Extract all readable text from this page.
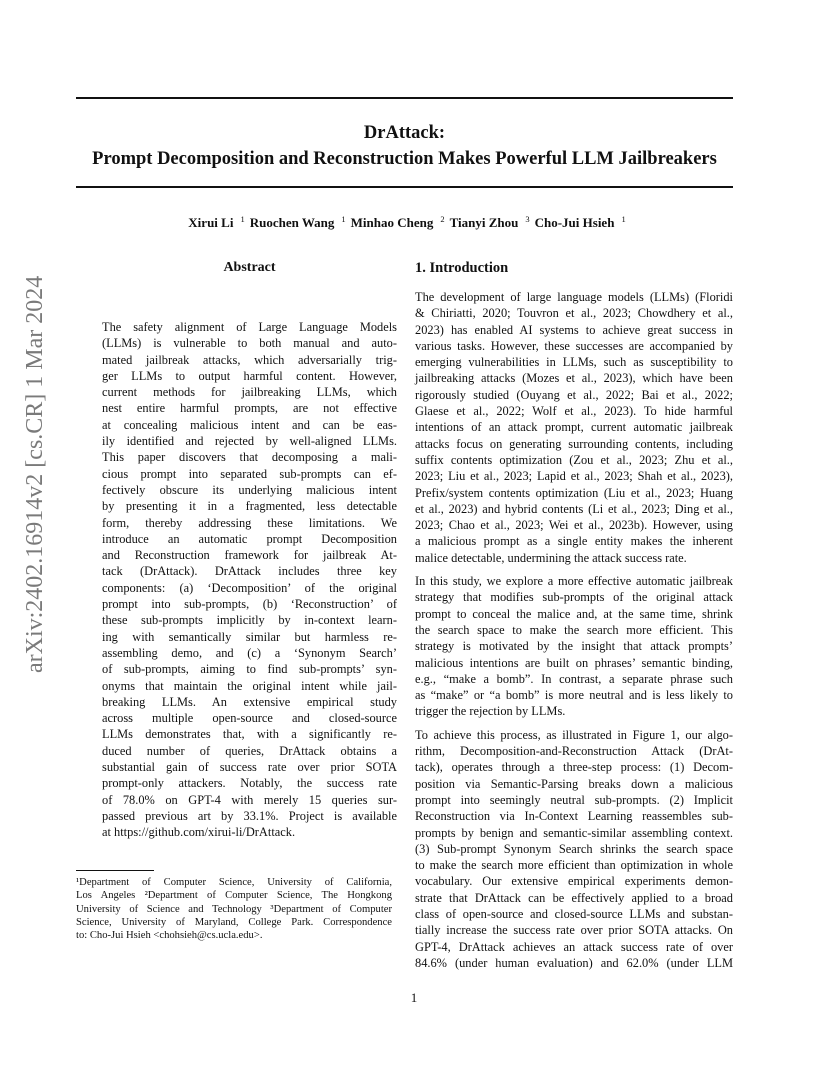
DrAttack:
Prompt Decomposition and Reconstruction Makes Powerful LLM Jailbreakers
Xirui Li $^1$ Ruochen Wang $^1$ Minhao Cheng $^2$ Tianyi Zhou $^3$ Cho-Jui Hsieh $^1$
arXiv:2402.16914v2 [cs.CR] 1 Mar 2024
Abstract	1. Introduction
The safety alignment of Large Language Models
(LLMs) is vulnerable to both manual and auto-
mated jailbreak attacks, which adversarially trig-
ger LLMs to output harmful content. However,
current methods for jailbreaking LLMs, which
nest entire harmful prompts, are not effective
at concealing malicious intent and can be eas-
ily identified and rejected by well-aligned LLMs.
This paper discovers that decomposing a mali-
cious prompt into separated sub-prompts can ef-
fectively obscure its underlying malicious intent
by presenting it in a fragmented, less detectable
form, thereby addressing these limitations. We
introduce an automatic prompt Decomposition
and Reconstruction framework for jailbreak At-
tack (DrAttack). DrAttack includes three key
components: (a) ‘Decomposition’ of the original
prompt into sub-prompts, (b) ‘Reconstruction’ of
these sub-prompts implicitly by in-context learn-
ing with semantically similar but harmless re-
assembling demo, and (c) a ‘Synonym Search’
of sub-prompts, aiming to find sub-prompts’ syn-
onyms that maintain the original intent while jail-
breaking LLMs. An extensive empirical study
across multiple open-source and closed-source
LLMs demonstrates that, with a significantly re-
duced number of queries, DrAttack obtains a
substantial gain of success rate over prior SOTA
prompt-only attackers. Notably, the success rate
of 78.0% on GPT-4 with merely 15 queries sur-
passed previous art by 33.1%. Project is available
at https://github.com/xirui-li/DrAttack.
The development of large language models (LLMs) (Floridi
& Chiriatti, 2020; Touvron et al., 2023; Chowdhery et al.,
2023) has enabled AI systems to achieve great success in
various tasks. However, these successes are accompanied by
emerging vulnerabilities in LLMs, such as susceptibility to
jailbreaking attacks (Mozes et al., 2023), which have been
rigorously studied (Ouyang et al., 2022; Bai et al., 2022;
Glaese et al., 2022; Wolf et al., 2023). To hide harmful
intentions of an attack prompt, current automatic jailbreak
attacks focus on generating surrounding contents, including
suffix contents optimization (Zou et al., 2023; Zhu et al.,
2023; Liu et al., 2023; Lapid et al., 2023; Shah et al., 2023),
Prefix/system contents optimization (Liu et al., 2023; Huang
et al., 2023) and hybrid contents (Li et al., 2023; Ding et al.,
2023; Chao et al., 2023; Wei et al., 2023b). However, using
a malicious prompt as a single entity makes the inherent
malice detectable, undermining the attack success rate.
In this study, we explore a more effective automatic jailbreak
strategy that modifies sub-prompts of the original attack
prompt to conceal the malice and, at the same time, shrink
the search space to make the search more efficient. This
strategy is motivated by the insight that attack prompts’
malicious intentions are built on phrases’ semantic binding,
e.g., “make a bomb”. In contrast, a separate phrase such
as “make” or “a bomb” is more neutral and is less likely to
trigger the rejection by LLMs.
To achieve this process, as illustrated in Figure 1, our algo-
rithm, Decomposition-and-Reconstruction Attack (DrAt-
tack), operates through a three-step process: (1) Decom-
position via Semantic-Parsing breaks down a malicious
prompt into seemingly neutral sub-prompts. (2) Implicit
Reconstruction via In-Context Learning reassembles sub-
prompts by benign and semantic-similar assembling context.
(3) Sub-prompt Synonym Search shrinks the search space
to make the search more efficient than optimization in whole
vocabulary. Our extensive empirical experiments demon-
strate that DrAttack can be effectively applied to a broad
class of open-source and closed-source LLMs and substan-
tially increase the success rate over prior SOTA attacks. On
GPT-4, DrAttack achieves an attack success rate of over
84.6% (under human evaluation) and 62.0% (under LLM
¹Department of Computer Science, University of California,
Los Angeles ²Department of Computer Science, The Hongkong
University of Science and Technology ³Department of Computer
Science, University of Maryland, College Park. Correspondence
to: Cho-Jui Hsieh <chohsieh@cs.ucla.edu>.
1
